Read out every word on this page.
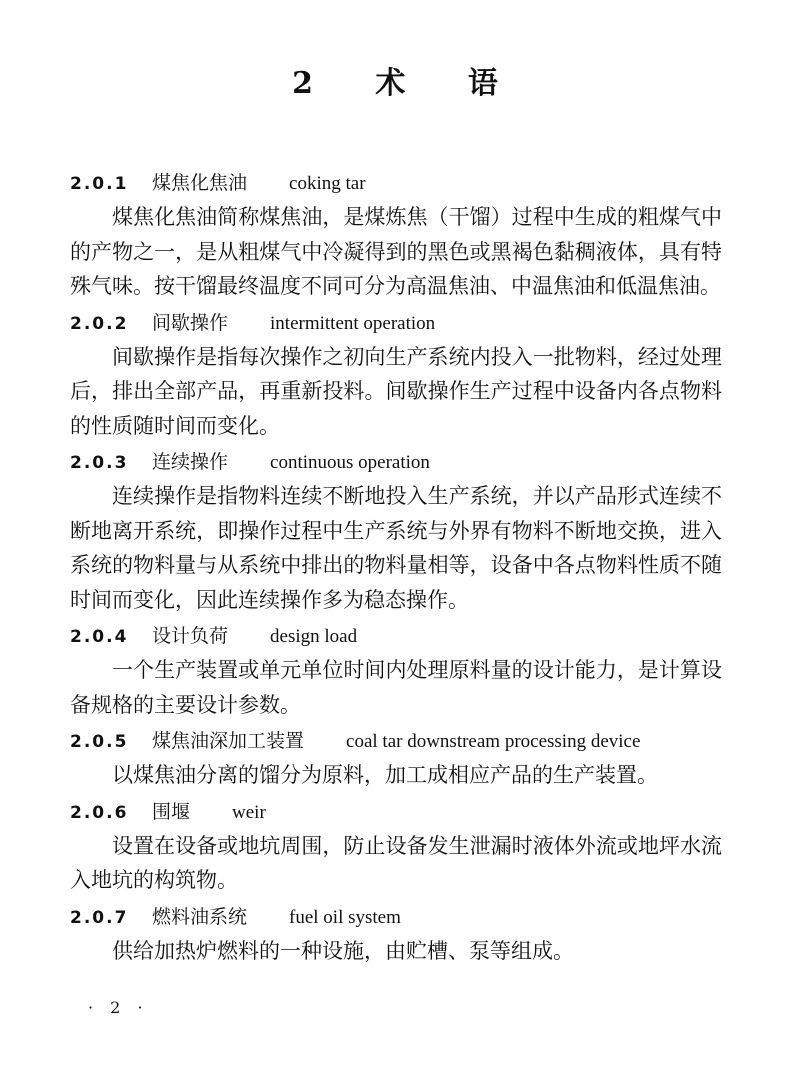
2 术 语
2.0.1 煤焦化焦油 coking tar

煤焦化焦油简称煤焦油，是煤炼焦（干馏）过程中生成的粗煤气中的产物之一，是从粗煤气中冷凝得到的黑色或黑褐色黏稠液体，具有特殊气味。按干馏最终温度不同可分为高温焦油、中温焦油和低温焦油。

2.0.2 间歇操作 intermittent operation

间歇操作是指每次操作之初向生产系统内投入一批物料，经过处理后，排出全部产品，再重新投料。间歇操作生产过程中设备内各点物料的性质随时间而变化。

2.0.3 连续操作 continuous operation

连续操作是指物料连续不断地投入生产系统，并以产品形式连续不断地离开系统，即操作过程中生产系统与外界有物料不断地交换，进入系统的物料量与从系统中排出的物料量相等，设备中各点物料性质不随时间而变化，因此连续操作多为稳态操作。

2.0.4 设计负荷 design load

一个生产装置或单元单位时间内处理原料量的设计能力，是计算设备规格的主要设计参数。

2.0.5 煤焦油深加工装置 coal tar downstream processing device

以煤焦油分离的馏分为原料，加工成相应产品的生产装置。

2.0.6 围堰 weir

设置在设备或地坑周围，防止设备发生泄漏时液体外流或地坪水流入地坑的构筑物。

2.0.7 燃料油系统 fuel oil system

供给加热炉燃料的一种设施，由贮槽、泵等组成。

· 2 ·
